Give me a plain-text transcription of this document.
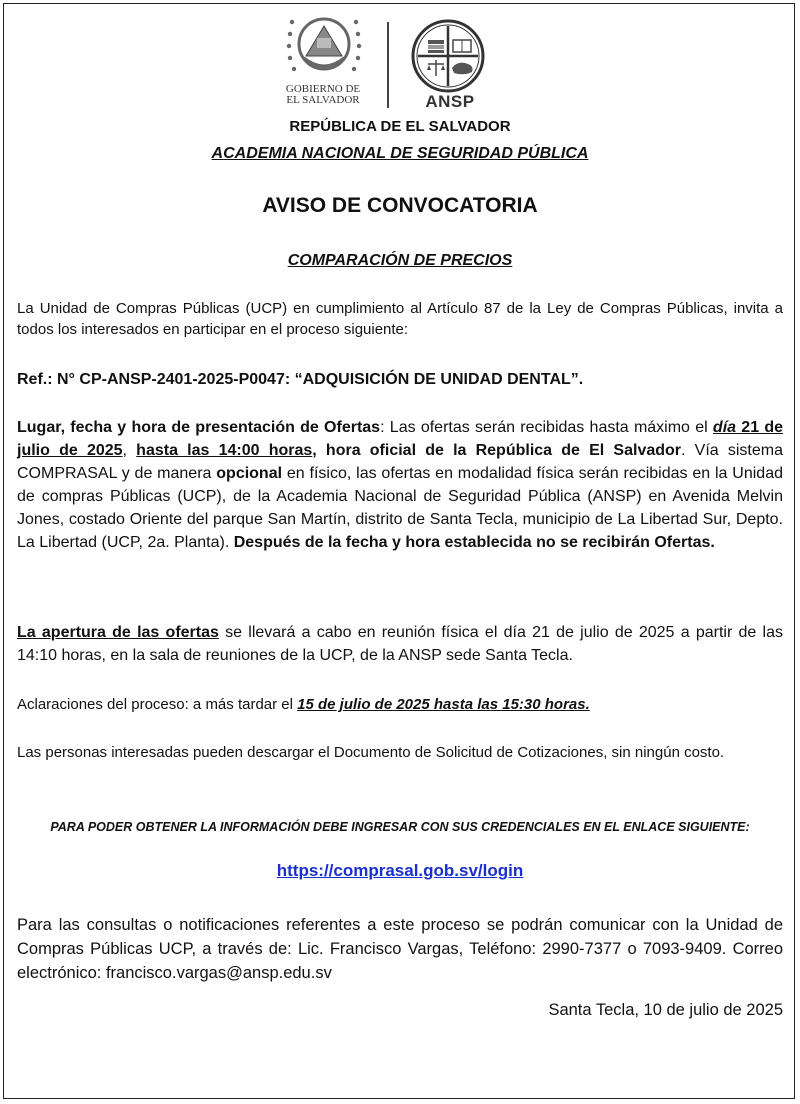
GOBIERNO DE
EL SALVADOR	ANSP
REPÚBLICA DE EL SALVADOR
ACADEMIA NACIONAL DE SEGURIDAD PÚBLICA
AVISO DE CONVOCATORIA
COMPARACIÓN DE PRECIOS
La Unidad de Compras Públicas (UCP) en cumplimiento al Artículo 87 de la Ley de Compras Públicas, invita a todos los interesados en participar en el proceso siguiente:
Ref.: N° CP-ANSP-2401-2025-P0047: “ADQUISICIÓN DE UNIDAD DENTAL”.
Lugar, fecha y hora de presentación de Ofertas: Las ofertas serán recibidas hasta máximo el día 21 de julio de 2025, hasta las 14:00 horas, hora oficial de la República de El Salvador. Vía sistema COMPRASAL y de manera opcional en físico, las ofertas en modalidad física serán recibidas en la Unidad de compras Públicas (UCP), de la Academia Nacional de Seguridad Pública (ANSP) en Avenida Melvin Jones, costado Oriente del parque San Martín, distrito de Santa Tecla, municipio de La Libertad Sur, Depto. La Libertad (UCP, 2a. Planta). Después de la fecha y hora establecida no se recibirán Ofertas.
La apertura de las ofertas se llevará a cabo en reunión física el día 21 de julio de 2025 a partir de las 14:10 horas, en la sala de reuniones de la UCP, de la ANSP sede Santa Tecla.
Aclaraciones del proceso: a más tardar el 15 de julio de 2025 hasta las 15:30 horas.
Las personas interesadas pueden descargar el Documento de Solicitud de Cotizaciones, sin ningún costo.
PARA PODER OBTENER LA INFORMACIÓN DEBE INGRESAR CON SUS CREDENCIALES EN EL ENLACE SIGUIENTE:
https://comprasal.gob.sv/login
Para las consultas o notificaciones referentes a este proceso se podrán comunicar con la Unidad de Compras Públicas UCP, a través de: Lic. Francisco Vargas, Teléfono: 2990-7377 o 7093-9409. Correo electrónico: francisco.vargas@ansp.edu.sv
Santa Tecla, 10 de julio de 2025
